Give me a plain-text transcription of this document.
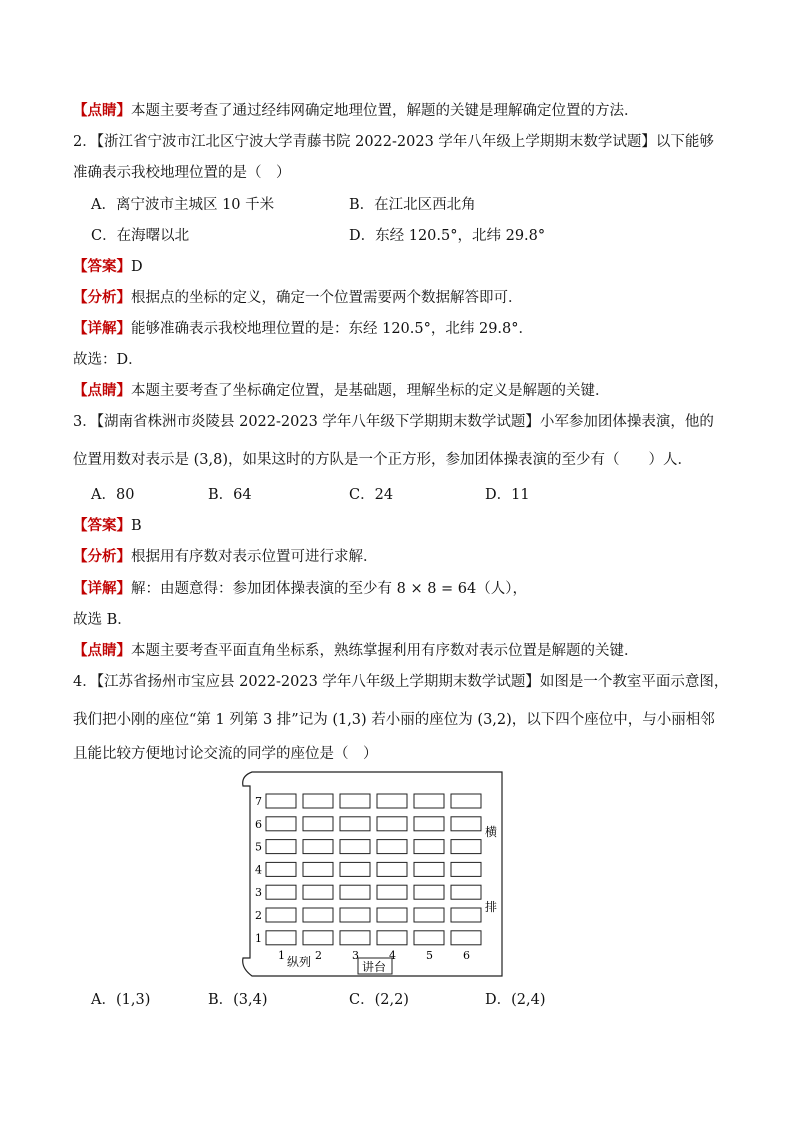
【点睛】本题主要考查了通过经纬网确定地理位置，解题的关键是理解确定位置的方法．
2．【浙江省宁波市江北区宁波大学青藤书院 2022-2023 学年八年级上学期期末数学试题】以下能够
准确表示我校地理位置的是（　）
A．离宁波市主城区 10 千米	B．在江北区西北角
C．在海曙以北	D．东经 120.5°，北纬 29.8°
【答案】D
【分析】根据点的坐标的定义，确定一个位置需要两个数据解答即可．
【详解】能够准确表示我校地理位置的是：东经 120.5°，北纬 29.8°．
故选：D．
【点睛】本题主要考查了坐标确定位置，是基础题，理解坐标的定义是解题的关键．
3．【湖南省株洲市炎陵县 2022-2023 学年八年级下学期期末数学试题】小军参加团体操表演，他的
位置用数对表示是 (3,8)，如果这时的方队是一个正方形，参加团体操表演的至少有（　　）人．
A．80	B．64	C．24	D．11
【答案】B
【分析】根据用有序数对表示位置可进行求解．
【详解】解：由题意得：参加团体操表演的至少有 8 × 8 = 64（人），
故选 B．
【点睛】本题主要考查平面直角坐标系，熟练掌握利用有序数对表示位置是解题的关键．
4．【江苏省扬州市宝应县 2022-2023 学年八年级上学期期末数学试题】如图是一个教室平面示意图，
我们把小刚的座位“第 1 列第 3 排”记为 (1,3) 若小丽的座位为 (3,2)，以下四个座位中，与小丽相邻
且能比较方便地讨论交流的同学的座位是（　）
7
6
5
4
3
2
1
1	2	3	4	5	6
纵列
横
排
讲台
A．(1,3)	B．(3,4)	C．(2,2)	D．(2,4)
